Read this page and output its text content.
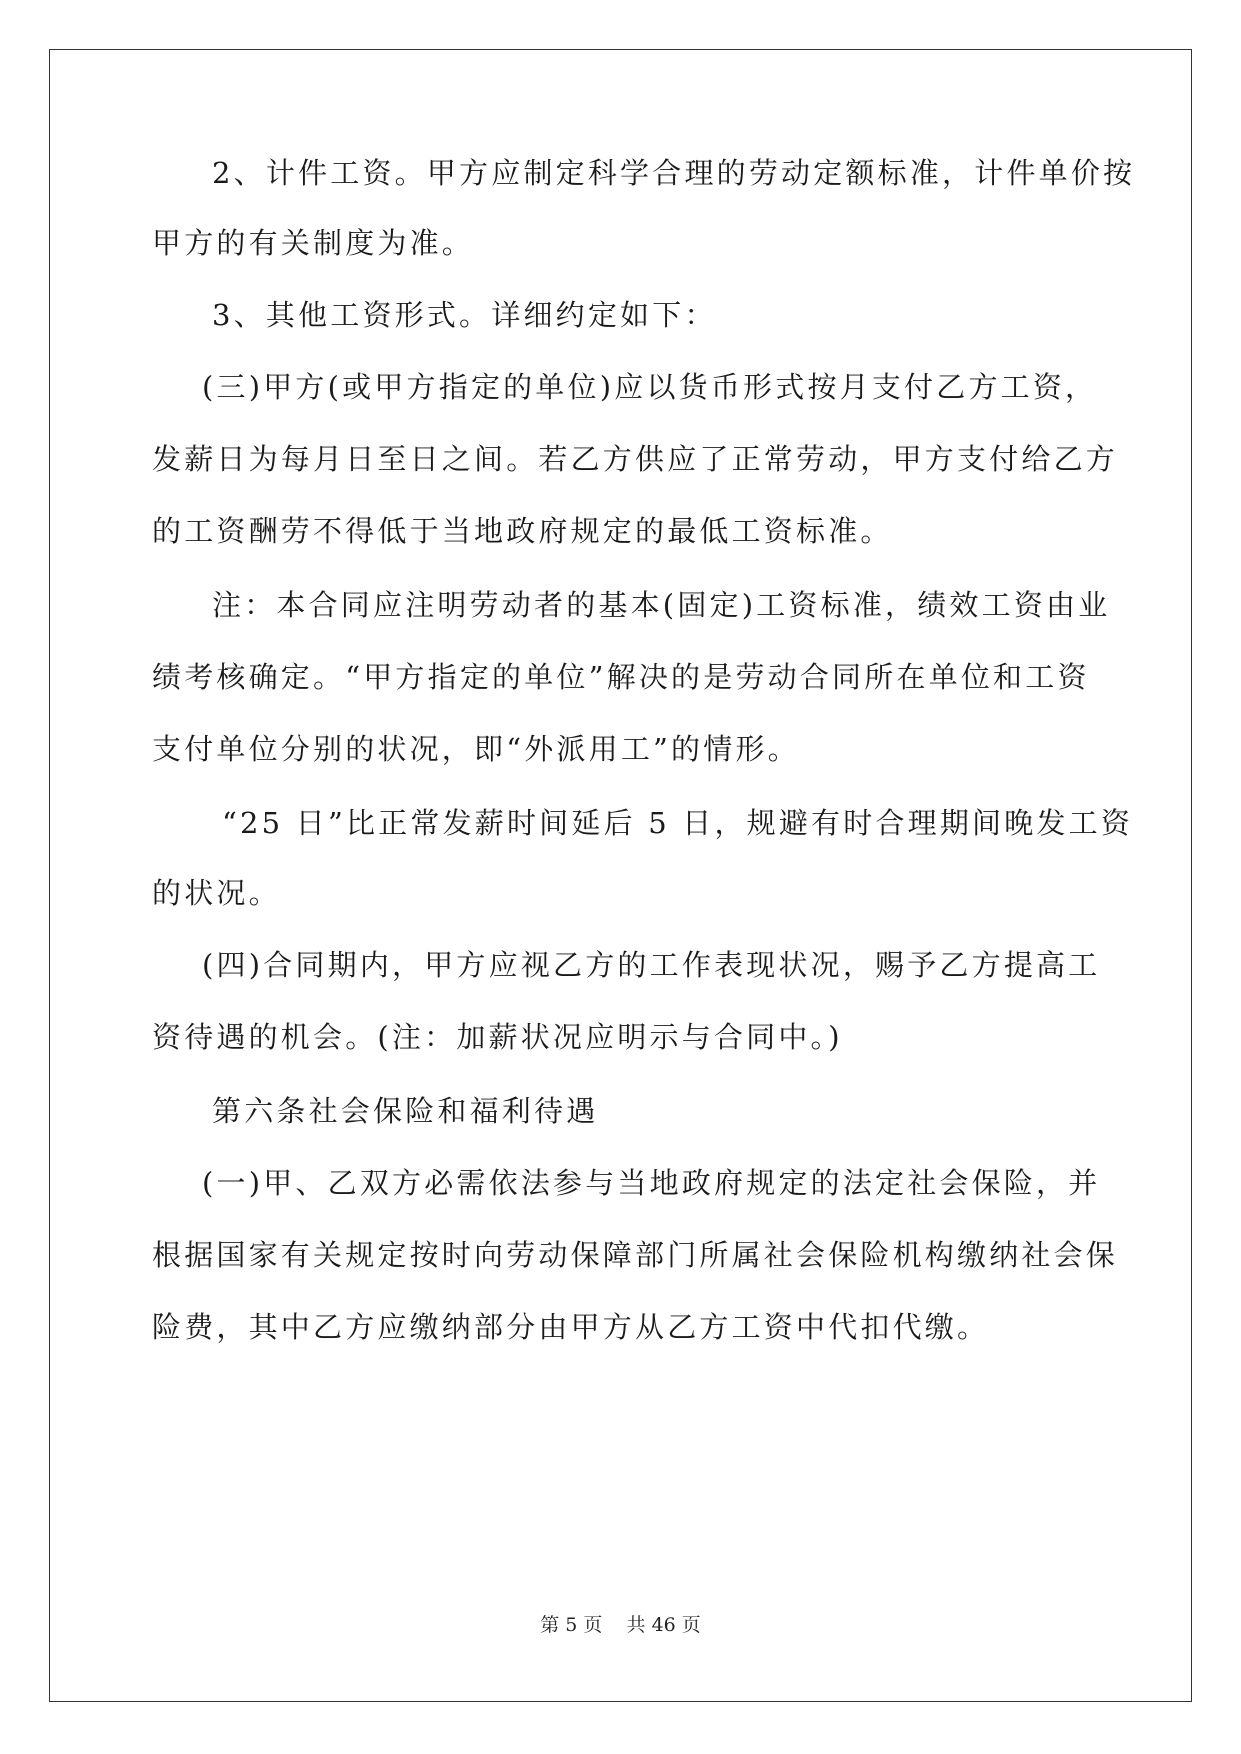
2、计件工资。甲方应制定科学合理的劳动定额标准，计件单价按
甲方的有关制度为准。
3、其他工资形式。详细约定如下：
(三)甲方(或甲方指定的单位)应以货币形式按月支付乙方工资，
发薪日为每月日至日之间。若乙方供应了正常劳动，甲方支付给乙方
的工资酬劳不得低于当地政府规定的最低工资标准。
注：本合同应注明劳动者的基本(固定)工资标准，绩效工资由业
绩考核确定。“甲方指定的单位”解决的是劳动合同所在单位和工资
支付单位分别的状况，即“外派用工”的情形。
“25 日”比正常发薪时间延后 5 日，规避有时合理期间晚发工资
的状况。
(四)合同期内，甲方应视乙方的工作表现状况，赐予乙方提高工
资待遇的机会。(注：加薪状况应明示与合同中。)
第六条社会保险和福利待遇
(一)甲、乙双方必需依法参与当地政府规定的法定社会保险，并
根据国家有关规定按时向劳动保障部门所属社会保险机构缴纳社会保
险费，其中乙方应缴纳部分由甲方从乙方工资中代扣代缴。
第 5 页    共 46 页
